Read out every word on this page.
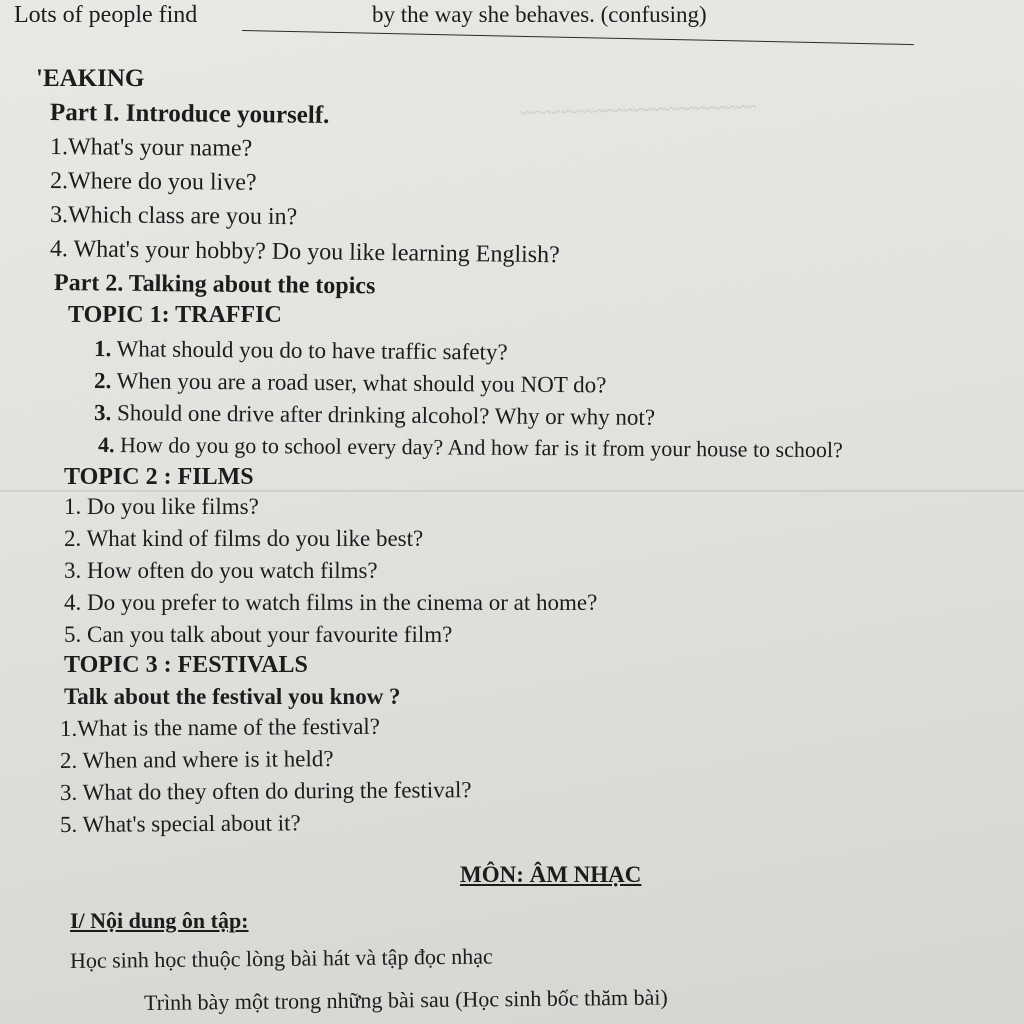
~~~~~~~~~~~~~~~~~~~~~~~
Lots of people find	by the way she behaves. (confusing)
'EAKING
Part I. Introduce yourself.
1.What's your name?
2.Where do you live?
3.Which class are you in?
4. What's your hobby? Do you like learning English?
Part 2. Talking about the topics
TOPIC 1: TRAFFIC
1. What should you do to have traffic safety?
2. When you are a road user, what should you NOT do?
3. Should one drive after drinking alcohol? Why or why not?
4. How do you go to school every day? And how far is it from your house to school?
TOPIC 2 : FILMS
1. Do you like films?
2. What kind of films do you like best?
3. How often do you watch films?
4. Do you prefer to watch films in the cinema or at home?
5. Can you talk about your favourite film?
TOPIC 3 : FESTIVALS
Talk about the festival you know ?
1.What is the name of the festival?
2. When and where is it held?
3. What do they often do during the festival?
5. What's special about it?
MÔN: ÂM NHẠC
I/ Nội dung ôn tập:
Học sinh học thuộc lòng bài hát và tập đọc nhạc
Trình bày một trong những bài sau (Học sinh bốc thăm bài)
